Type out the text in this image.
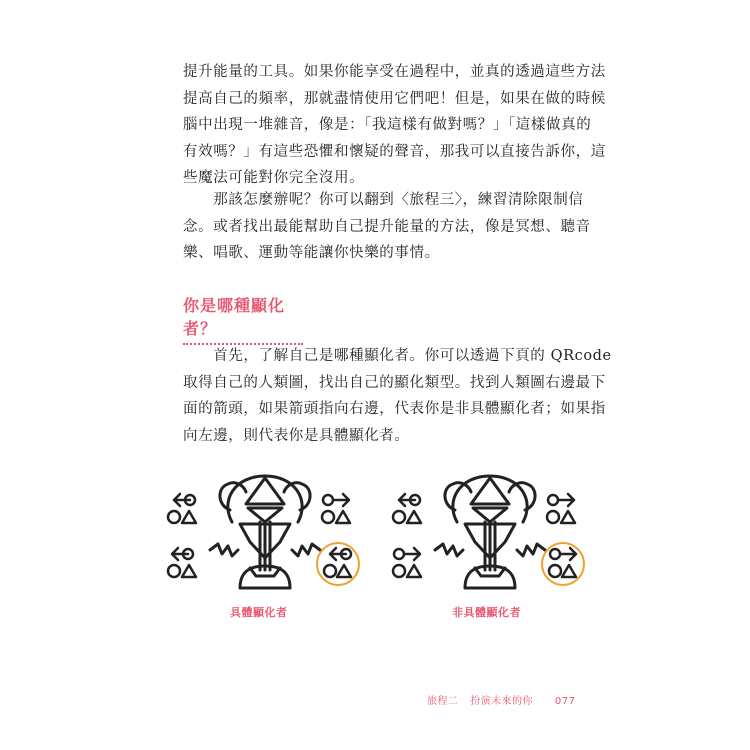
提升能量的工具。如果你能享受在過程中，並真的透過這些方法
提高自己的頻率，那就盡情使用它們吧！但是，如果在做的時候
腦中出現一堆雜音，像是：「我這樣有做對嗎？」「這樣做真的
有效嗎？」有這些恐懼和懷疑的聲音，那我可以直接告訴你，這
些魔法可能對你完全沒用。

　　那該怎麼辦呢？你可以翻到〈旅程三〉，練習清除限制信
念。或者找出最能幫助自己提升能量的方法，像是冥想、聽音
樂、唱歌、運動等能讓你快樂的事情。

你是哪種顯化者？

　　首先，了解自己是哪種顯化者。你可以透過下頁的 QRcode
取得自己的人類圖，找出自己的顯化類型。找到人類圖右邊最下
面的箭頭，如果箭頭指向右邊，代表你是非具體顯化者；如果指
向左邊，則代表你是具體顯化者。

具體顯化者	非具體顯化者
旅程二 扮演未來的你 077
